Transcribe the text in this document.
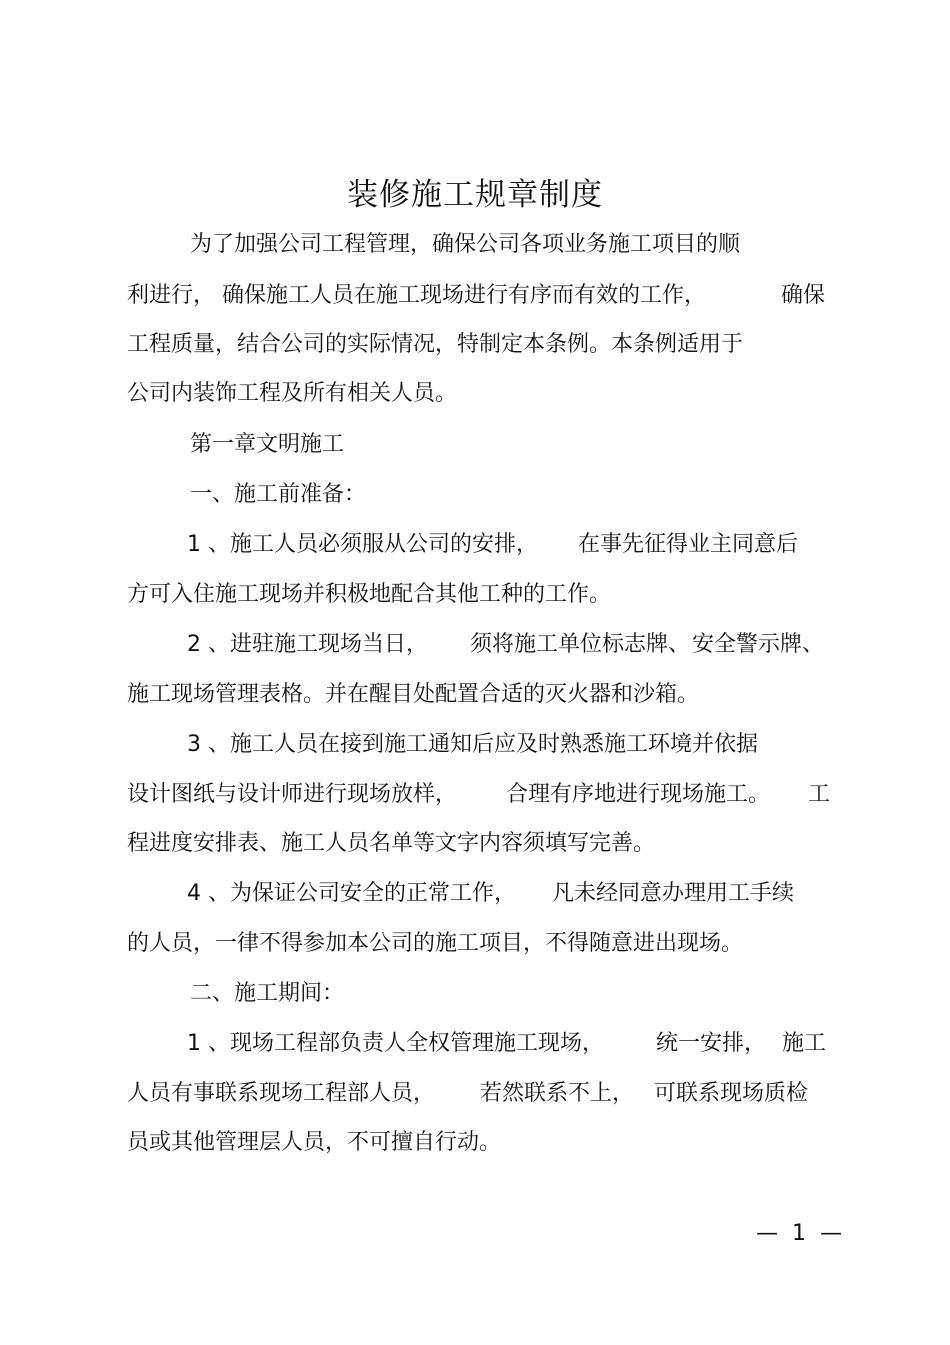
装修施工规章制度
为了加强公司工程管理，确保公司各项业务施工项目的顺
利进行， 确保施工人员在施工现场进行有序而有效的工作，	确保
工程质量，结合公司的实际情况，特制定本条例。本条例适用于
公司内装饰工程及所有相关人员。
第一章文明施工
一、施工前准备：
1 、施工人员必须服从公司的安排， 在事先征得业主同意后
方可入住施工现场并积极地配合其他工种的工作。
2 、进驻施工现场当日， 须将施工单位标志牌、 安全警示牌、
施工现场管理表格。并在醒目处配置合适的灭火器和沙箱。
3 、施工人员在接到施工通知后应及时熟悉施工环境并依据
设计图纸与设计师进行现场放样， 合理有序地进行现场施工。 工
程进度安排表、施工人员名单等文字内容须填写完善。
4 、为保证公司安全的正常工作， 凡未经同意办理用工手续
的人员，一律不得参加本公司的施工项目，不得随意进出现场。
二、施工期间：
1 、现场工程部负责人全权管理施工现场， 统一安排， 施工
人员有事联系现场工程部人员， 若然联系不上， 可联系现场质检
员或其他管理层人员，不可擅自行动。
—  1  —
